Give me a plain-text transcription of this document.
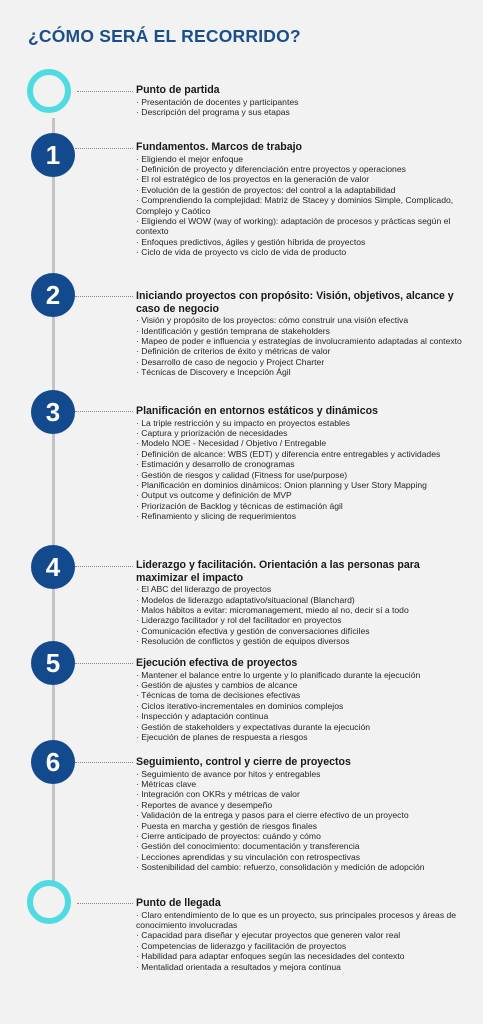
¿CÓMO SERÁ EL RECORRIDO?
Punto de partida
· Presentación de docentes y participantes
· Descripción del programa y sus etapas
1	Fundamentos. Marcos de trabajo
· Eligiendo el mejor enfoque
· Definición de proyecto y diferenciación entre proyectos y operaciones
· El rol estratégico de los proyectos en la generación de valor
· Evolución de la gestión de proyectos: del control a la adaptabilidad
· Comprendiendo la complejidad: Matriz de Stacey y dominios Simple, Complicado, Complejo y Caótico
· Eligiendo el WOW (way of working): adaptación de procesos y prácticas según el contexto
· Enfoques predictivos, ágiles y gestión híbrida de proyectos
· Ciclo de vida de proyecto vs ciclo de vida de producto
2	Iniciando proyectos con propósito: Visión, objetivos, alcance y caso de negocio
· Visión y propósito de los proyectos: cómo construir una visión efectiva
· Identificación y gestión temprana de stakeholders
· Mapeo de poder e influencia y estrategias de involucramiento adaptadas al contexto
· Definición de criterios de éxito y métricas de valor
· Desarrollo de caso de negocio y Project Charter
· Técnicas de Discovery e Incepción Ágil
3	Planificación en entornos estáticos y dinámicos
· La triple restricción y su impacto en proyectos estables
· Captura y priorización de necesidades
· Modelo NOE - Necesidad / Objetivo / Entregable
· Definición de alcance: WBS (EDT) y diferencia entre entregables y actividades
· Estimación y desarrollo de cronogramas
· Gestión de riesgos y calidad (Fitness for use/purpose)
· Planificación en dominios dinámicos: Onion planning y User Story Mapping
· Output vs outcome y definición de MVP
· Priorización de Backlog y técnicas de estimación ágil
· Refinamiento y slicing de requerimientos
4	Liderazgo y facilitación. Orientación a las personas para maximizar el impacto
· El ABC del liderazgo de proyectos
· Modelos de liderazgo adaptativo/situacional (Blanchard)
· Malos hábitos a evitar: micromanagement, miedo al no, decir sí a todo
· Liderazgo facilitador y rol del facilitador en proyectos
· Comunicación efectiva y gestión de conversaciones difíciles
· Resolución de conflictos y gestión de equipos diversos
5	Ejecución efectiva de proyectos
· Mantener el balance entre lo urgente y lo planificado durante la ejecución
· Gestión de ajustes y cambios de alcance
· Técnicas de toma de decisiones efectivas
· Ciclos iterativo-incrementales en dominios complejos
· Inspección y adaptación continua
· Gestión de stakeholders y expectativas durante la ejecución
· Ejecución de planes de respuesta a riesgos
6	Seguimiento, control y cierre de proyectos
· Seguimiento de avance por hitos y entregables
· Métricas clave
· Integración con OKRs y métricas de valor
· Reportes de avance y desempeño
· Validación de la entrega y pasos para el cierre efectivo de un proyecto
· Puesta en marcha y gestión de riesgos finales
· Cierre anticipado de proyectos: cuándo y cómo
· Gestión del conocimiento: documentación y transferencia
· Lecciones aprendidas y su vinculación con retrospectivas
· Sostenibilidad del cambio: refuerzo, consolidación y medición de adopción
Punto de llegada
· Claro entendimiento de lo que es un proyecto, sus principales procesos y áreas de conocimiento involucradas
· Capacidad para diseñar y ejecutar proyectos que generen valor real
· Competencias de liderazgo y facilitación de proyectos
· Habilidad para adaptar enfoques según las necesidades del contexto
· Mentalidad orientada a resultados y mejora continua
